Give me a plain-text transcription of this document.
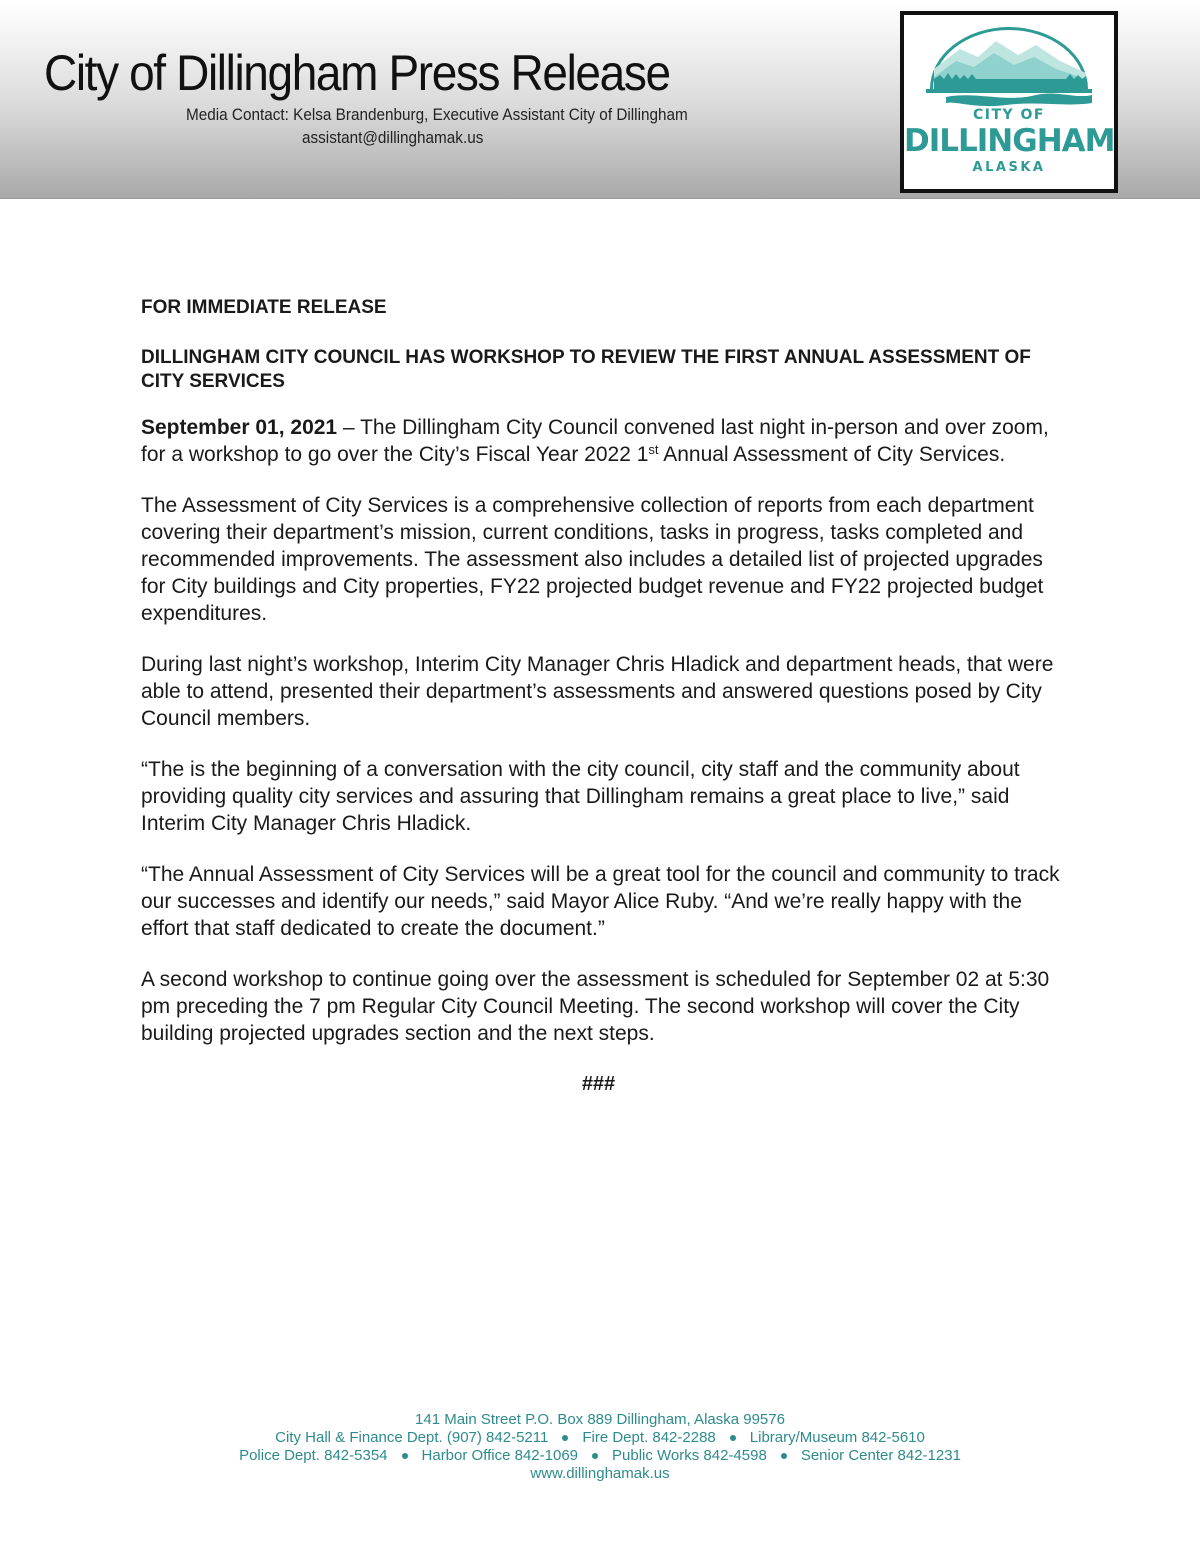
City of Dillingham Press Release
Media Contact: Kelsa Brandenburg, Executive Assistant City of Dillingham
assistant@dillinghamak.us
CITY OF
DILLINGHAM
ALASKA
FOR IMMEDIATE RELEASE
DILLINGHAM CITY COUNCIL HAS WORKSHOP TO REVIEW THE FIRST ANNUAL ASSESSMENT OF CITY SERVICES

September 01, 2021 – The Dillingham City Council convened last night in-person and over zoom, for a workshop to go over the City’s Fiscal Year 2022 1st Annual Assessment of City Services.

The Assessment of City Services is a comprehensive collection of reports from each department covering their department’s mission, current conditions, tasks in progress, tasks completed and recommended improvements. The assessment also includes a detailed list of projected upgrades for City buildings and City properties, FY22 projected budget revenue and FY22 projected budget expenditures.

During last night’s workshop, Interim City Manager Chris Hladick and department heads, that were able to attend, presented their department’s assessments and answered questions posed by City Council members.

“The is the beginning of a conversation with the city council, city staff and the community about providing quality city services and assuring that Dillingham remains a great place to live,” said Interim City Manager Chris Hladick.

“The Annual Assessment of City Services will be a great tool for the council and community to track our successes and identify our needs,” said Mayor Alice Ruby. “And we’re really happy with the effort that staff dedicated to create the document.”

A second workshop to continue going over the assessment is scheduled for September 02 at 5:30 pm preceding the 7 pm Regular City Council Meeting. The second workshop will cover the City building projected upgrades section and the next steps.

###
141 Main Street P.O. Box 889 Dillingham, Alaska 99576
City Hall & Finance Dept. (907) 842-5211 Fire Dept. 842-2288 Library/Museum 842-5610
Police Dept. 842-5354 Harbor Office 842-1069 Public Works 842-4598 Senior Center 842-1231
www.dillinghamak.us
